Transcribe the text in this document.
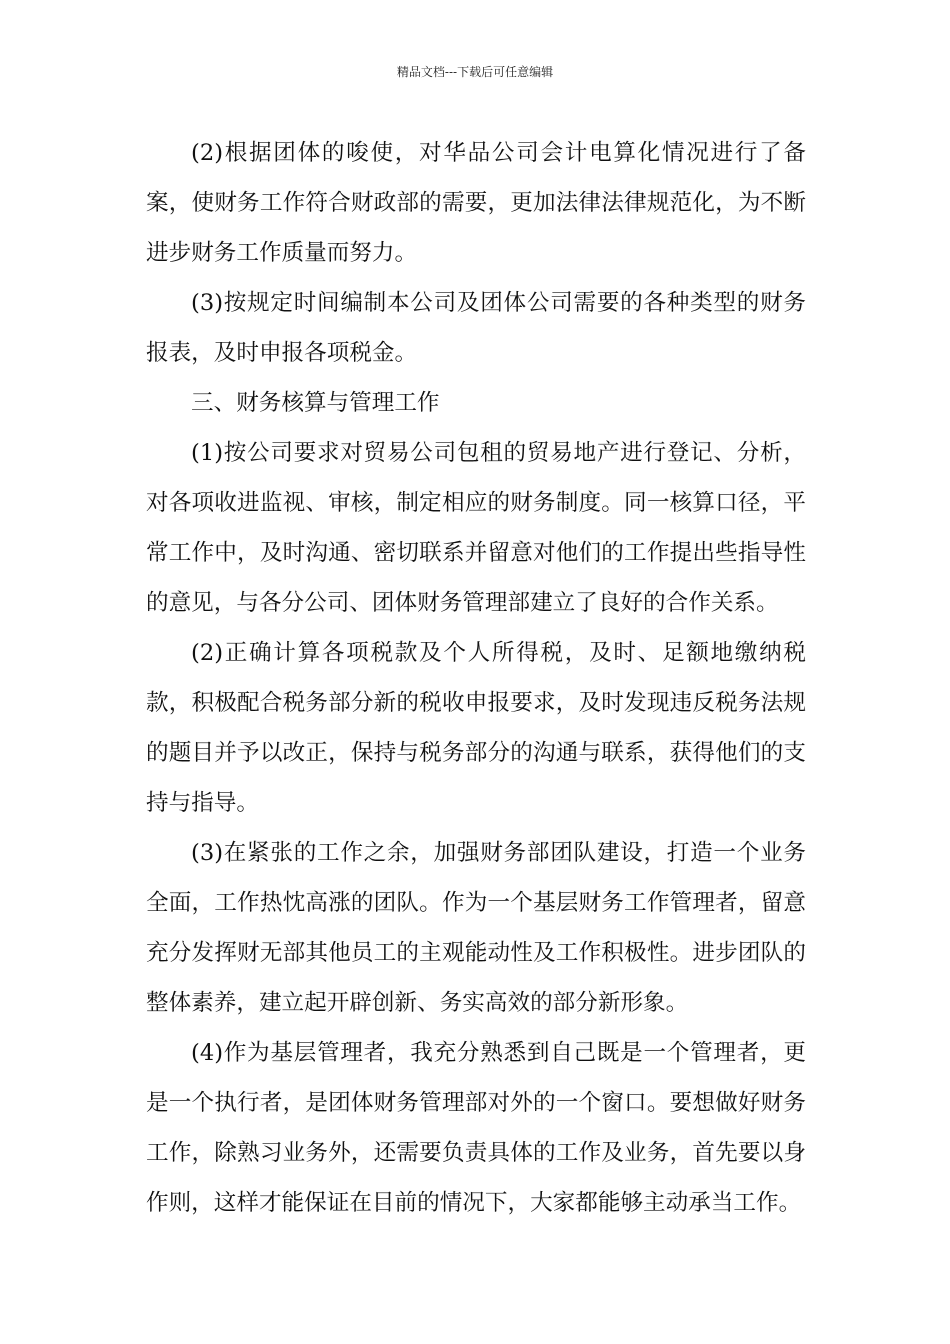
精品文档---下载后可任意编辑

(2)根据团体的唆使，对华品公司会计电算化情况进行了备案，使财务工作符合财政部的需要，更加法律法律规范化，为不断进步财务工作质量而努力。

(3)按规定时间编制本公司及团体公司需要的各种类型的财务报表，及时申报各项税金。

三、财务核算与管理工作

(1)按公司要求对贸易公司包租的贸易地产进行登记、分析，对各项收进监视、审核，制定相应的财务制度。同一核算口径，平常工作中，及时沟通、密切联系并留意对他们的工作提出些指导性的意见，与各分公司、团体财务管理部建立了良好的合作关系。

(2)正确计算各项税款及个人所得税，及时、足额地缴纳税款，积极配合税务部分新的税收申报要求，及时发现违反税务法规的题目并予以改正，保持与税务部分的沟通与联系，获得他们的支持与指导。

(3)在紧张的工作之余，加强财务部团队建设，打造一个业务全面，工作热忱高涨的团队。作为一个基层财务工作管理者，留意充分发挥财无部其他员工的主观能动性及工作积极性。进步团队的整体素养，建立起开辟创新、务实高效的部分新形象。

(4)作为基层管理者，我充分熟悉到自己既是一个管理者，更是一个执行者，是团体财务管理部对外的一个窗口。要想做好财务工作，除熟习业务外，还需要负责具体的工作及业务，首先要以身作则，这样才能保证在目前的情况下，大家都能够主动承当工作。
